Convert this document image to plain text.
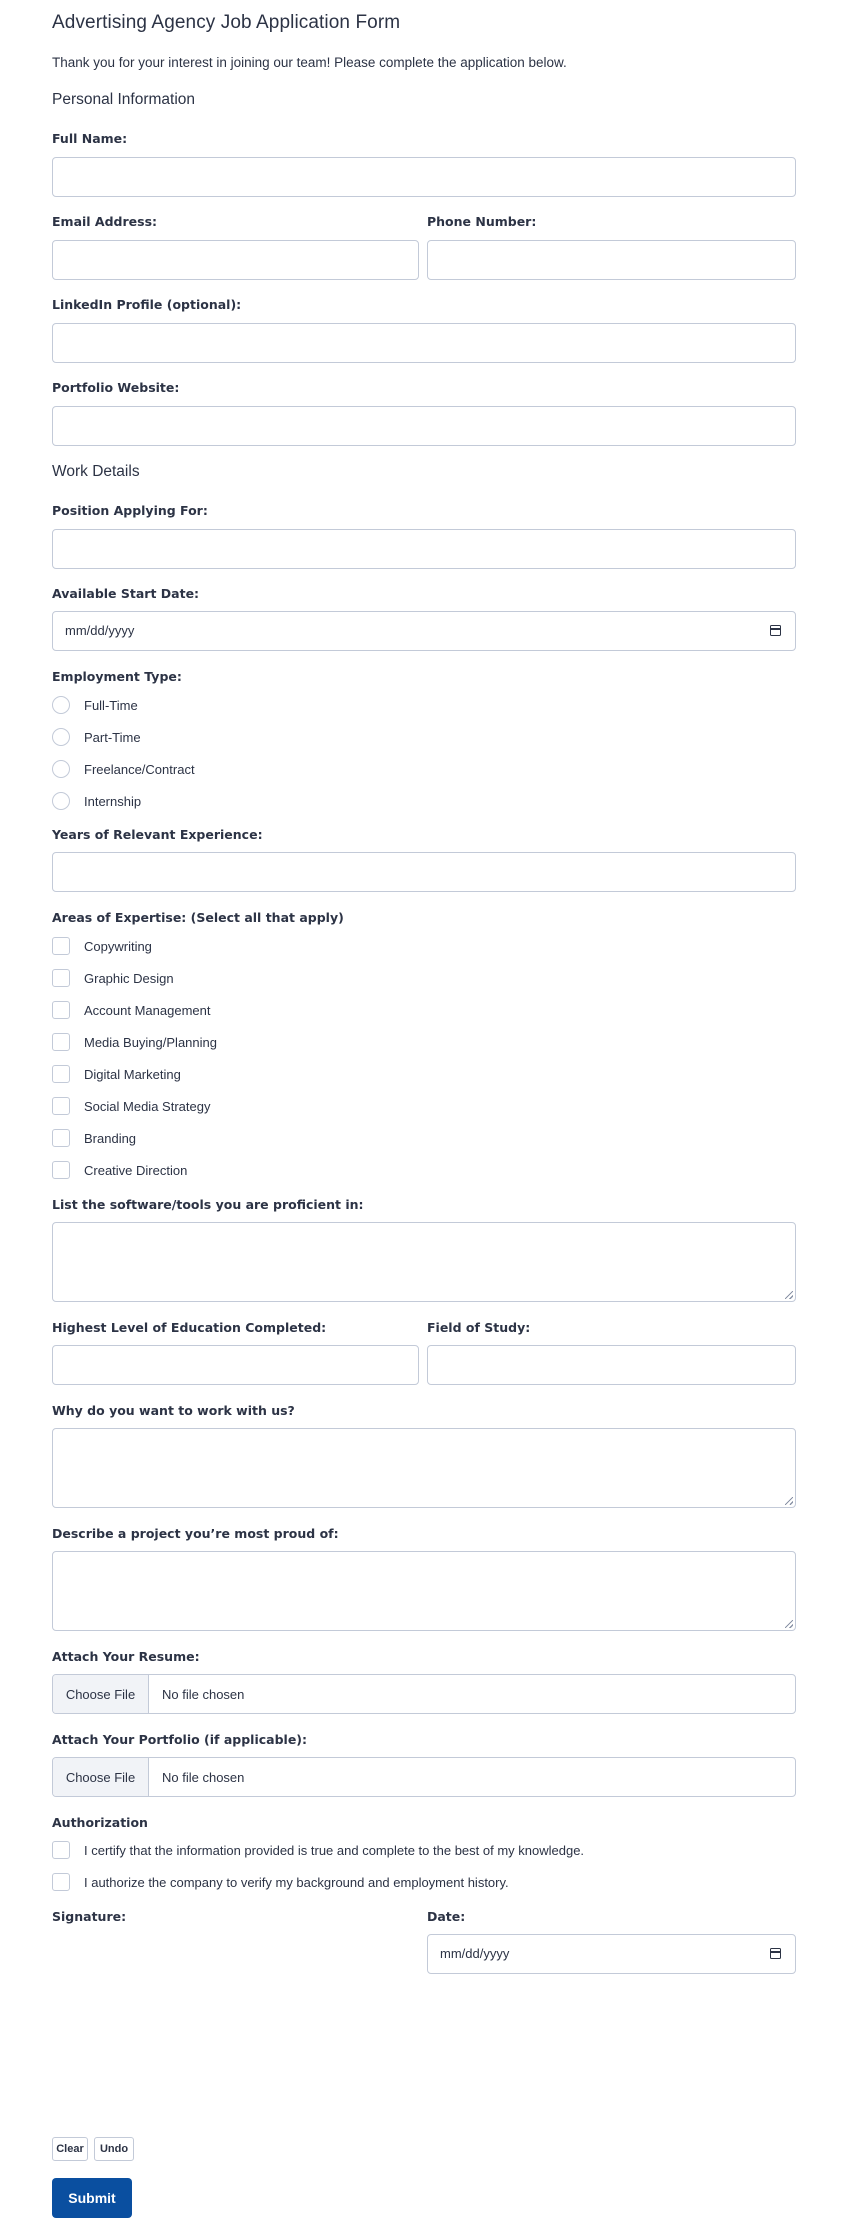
Advertising Agency Job Application Form
Thank you for your interest in joining our team! Please complete the application below.
Personal Information
Full Name:
Email Address:	Phone Number:
LinkedIn Profile (optional):
Portfolio Website:
Work Details
Position Applying For:
Available Start Date:
mm/dd/yyyy
Employment Type:
Full-Time
Part-Time
Freelance/Contract
Internship
Years of Relevant Experience:
Areas of Expertise: (Select all that apply)
Copywriting
Graphic Design
Account Management
Media Buying/Planning
Digital Marketing
Social Media Strategy
Branding
Creative Direction
List the software/tools you are proficient in:
Highest Level of Education Completed:	Field of Study:
Why do you want to work with us?
Describe a project you’re most proud of:
Attach Your Resume:
Choose File	No file chosen
Attach Your Portfolio (if applicable):
Choose File	No file chosen
Authorization
I certify that the information provided is true and complete to the best of my knowledge.
I authorize the company to verify my background and employment history.
Signature:	Date:
mm/dd/yyyy
Clear	Undo
Submit
